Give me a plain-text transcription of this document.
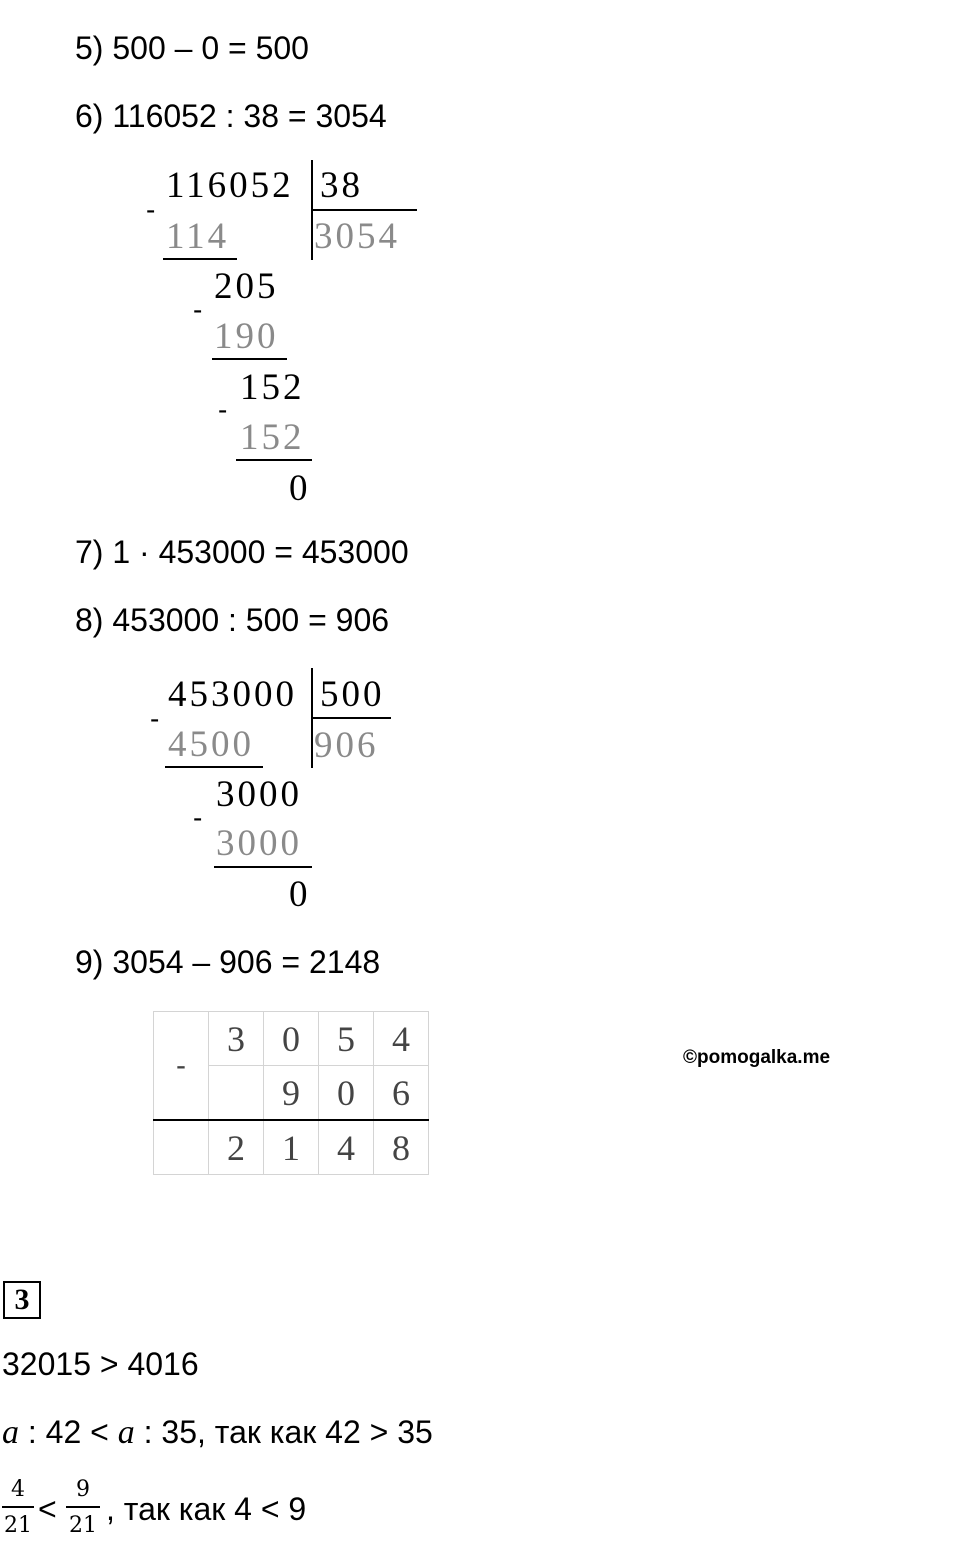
5) 500 – 0 = 500
6) 116052 : 38 = 3054
-
116052 38
3054
114
205
-
190
152
-
152
0
7) 1 · 453000 = 453000
8) 453000 : 500 = 906
-
453000 500
906
4500
3000
-
3000
0
9) 3054 – 906 = 2148
-	3	0	5	4
		9	0	6
	2	1	4	8
©pomogalka.me
3
32015 > 4016
a : 42 < a : 35, так как 42 > 35
4
21 <
9
21 , так как 4 < 9
